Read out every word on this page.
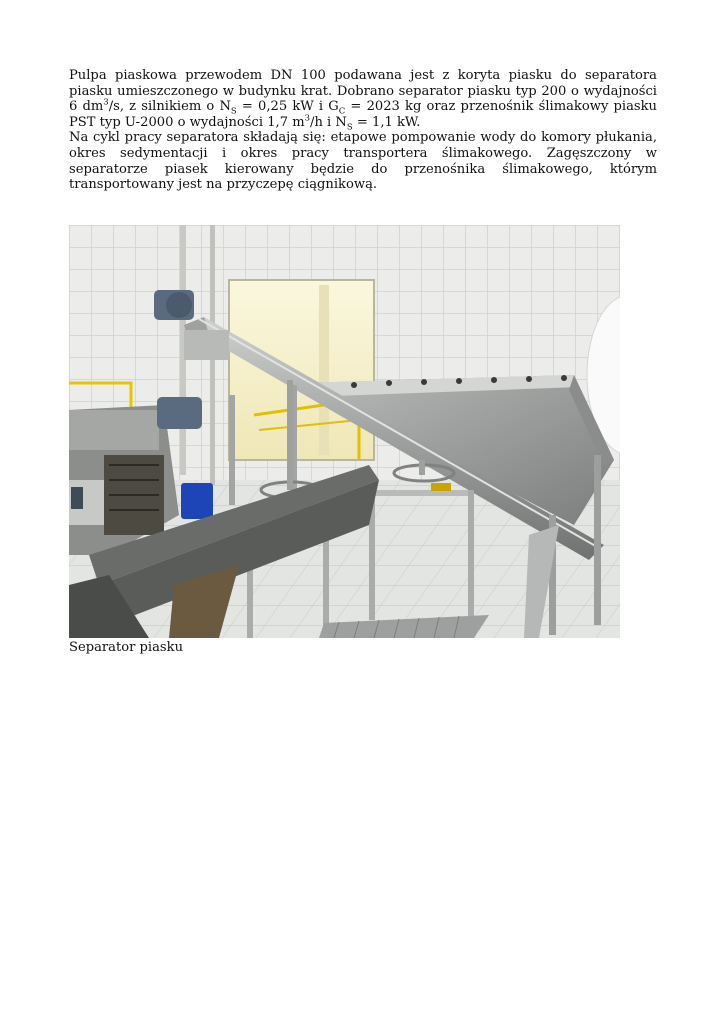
Pulpa piaskowa przewodem DN 100 podawana jest z koryta piasku do separatora piasku umieszczonego w budynku krat. Dobrano separator piasku typ 200 o wydajności 6 $dm^3/s$, z silnikiem o $N_S = 0,25$ kW i $G_C = 2023$ kg oraz przenośnik ślimakowy piasku PST typ U-2000 o wydajności 1,7 $m^3/h$ i $N_S = 1,1$ kW.

Na cykl pracy separatora składają się: etapowe pompowanie wody do komory płukania, okres sedymentacji i okres pracy transportera ślimakowego. Zagęszczony w separatorze piasek kierowany będzie do przenośnika ślimakowego, którym transportowany jest na przyczepę ciągnikową.

Separator piasku
